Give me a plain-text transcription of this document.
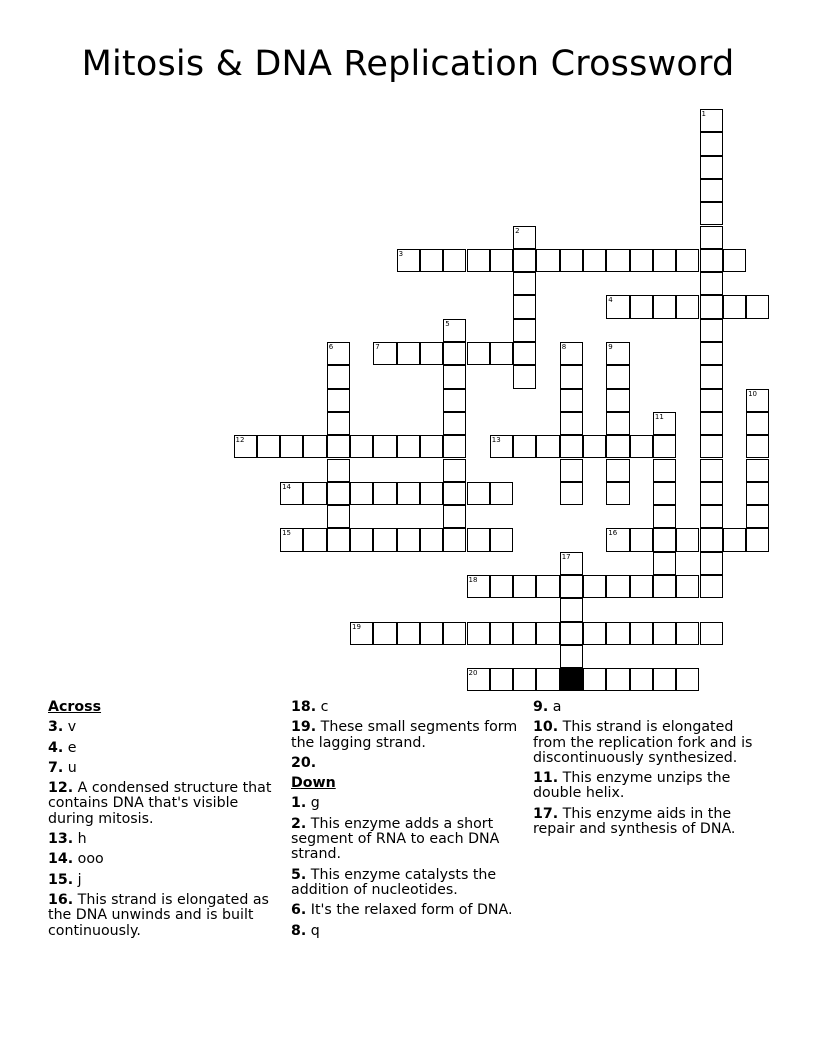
Mitosis & DNA Replication Crossword
1
2
3
4
5
6	7	8	9
10
11
12	13
14
15	16
17
18
19
20
Across
3. v
4. e
7. u
12. A condensed structure that contains DNA that's visible during mitosis.
13. h
14. ooo
15. j
16. This strand is elongated as the DNA unwinds and is built continuously.
18. c
19. These small segments form the lagging strand.
20.
Down
1. g
2. This enzyme adds a short segment of RNA to each DNA strand.
5. This enzyme catalysts the addition of nucleotides.
6. It's the relaxed form of DNA.
8. q
9. a
10. This strand is elongated from the replication fork and is discontinuously synthesized.
11. This enzyme unzips the double helix.
17. This enzyme aids in the repair and synthesis of DNA.
